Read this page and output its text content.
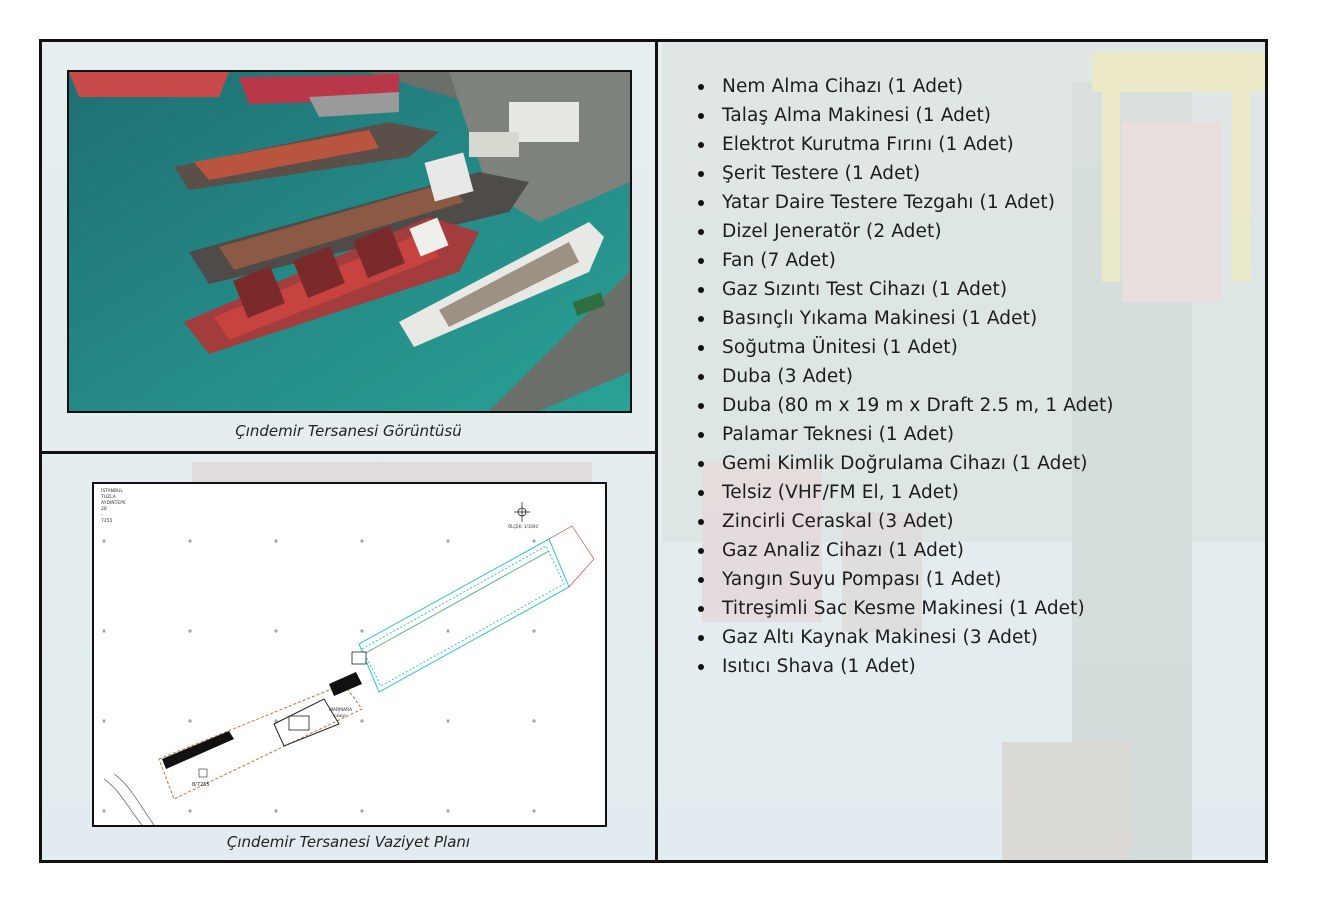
Çındemir Tersanesi Görüntüsü
İSTANBUL
TUZLA
AYDINTEPE
28
-
7255
ÖLÇEK: 1/1000
8/7255
MARMARA
DENİZİ
Çındemir Tersanesi Vaziyet Planı
Nem Alma Cihazı (1 Adet)
Talaş Alma Makinesi (1 Adet)
Elektrot Kurutma Fırını (1 Adet)
Şerit Testere (1 Adet)
Yatar Daire Testere Tezgahı (1 Adet)
Dizel Jeneratör (2 Adet)
Fan (7 Adet)
Gaz Sızıntı Test Cihazı (1 Adet)
Basınçlı Yıkama Makinesi (1 Adet)
Soğutma Ünitesi (1 Adet)
Duba (3 Adet)
Duba (80 m x 19 m x Draft 2.5 m, 1 Adet)
Palamar Teknesi (1 Adet)
Gemi Kimlik Doğrulama Cihazı (1 Adet)
Telsiz (VHF/FM El, 1 Adet)
Zincirli Ceraskal (3 Adet)
Gaz Analiz Cihazı (1 Adet)
Yangın Suyu Pompası (1 Adet)
Titreşimli Sac Kesme Makinesi (1 Adet)
Gaz Altı Kaynak Makinesi (3 Adet)
Isıtıcı Shava (1 Adet)
